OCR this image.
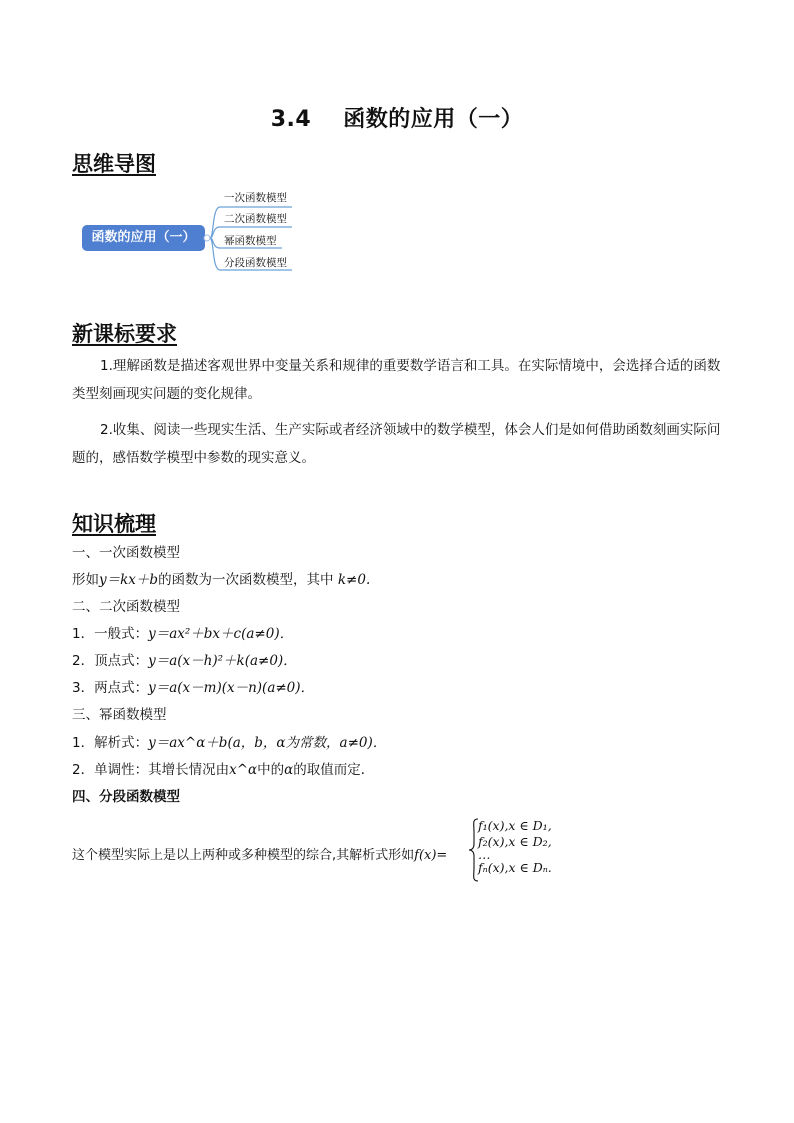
3.4 函数的应用（一）
思维导图
函数的应用（一）
一次函数模型
二次函数模型
幂函数模型
分段函数模型
新课标要求
1.理解函数是描述客观世界中变量关系和规律的重要数学语言和工具。在实际情境中，会选择合适的函数类型刻画现实问题的变化规律。
2.收集、阅读一些现实生活、生产实际或者经济领域中的数学模型，体会人们是如何借助函数刻画实际问题的，感悟数学模型中参数的现实意义。
知识梳理
一、一次函数模型
形如y＝kx＋b的函数为一次函数模型，其中 k≠0.
二、二次函数模型
1．一般式：y＝ax²＋bx＋c(a≠0)．
2．顶点式：y＝a(x－h)²＋k(a≠0)．
3．两点式：y＝a(x－m)(x－n)(a≠0)．
三、幂函数模型
1．解析式：y＝ax^α＋b(a，b，α为常数，a≠0)．
2．单调性：其增长情况由x^α中的α的取值而定．
四、分段函数模型
这个模型实际上是以上两种或多种模型的综合,其解析式形如f(x)=
f₁(x),x ∈ D₁,
f₂(x),x ∈ D₂,
…
fₙ(x),x ∈ Dₙ.
